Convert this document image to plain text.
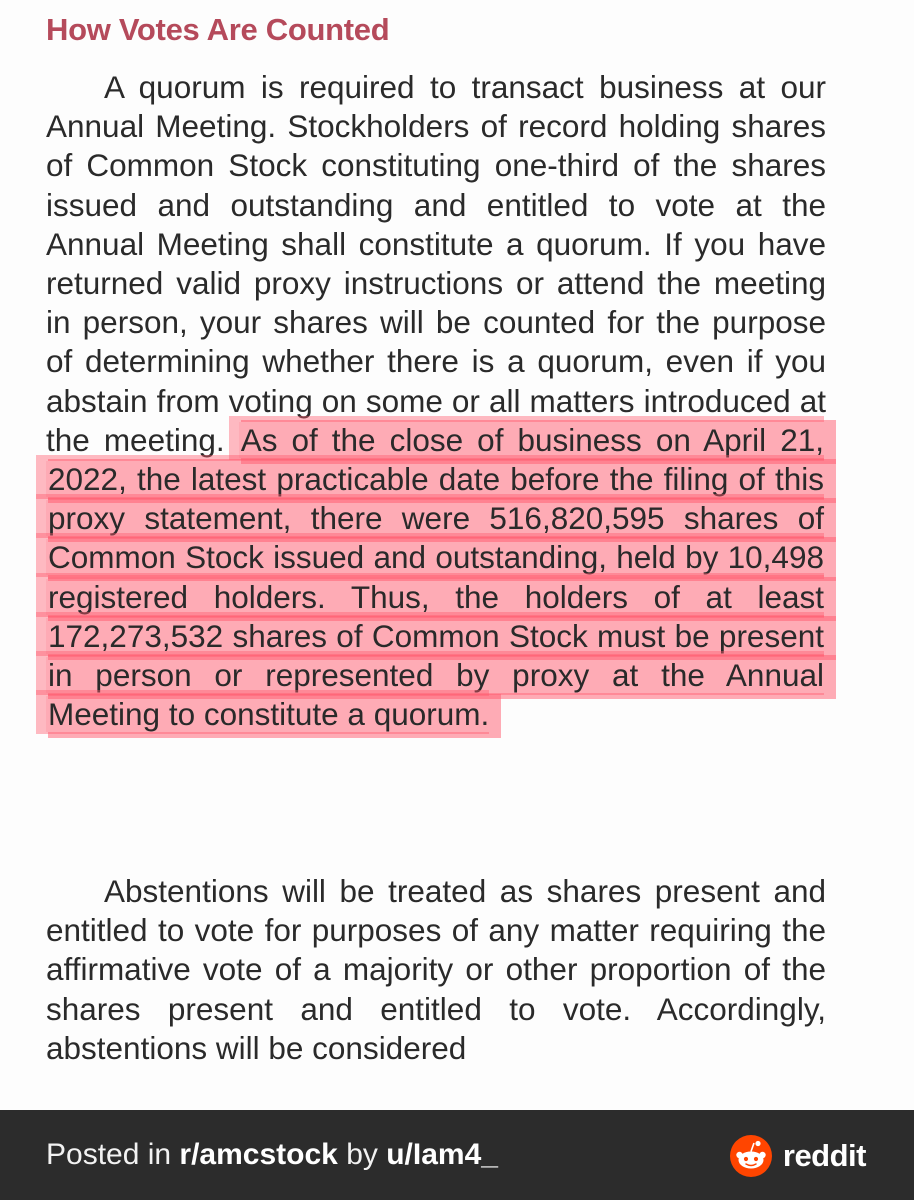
How Votes Are Counted

A quorum is required to transact business at our Annual Meeting. Stockholders of record holding shares of Common Stock constituting one-third of the shares issued and outstanding and entitled to vote at the Annual Meeting shall constitute a quorum. If you have returned valid proxy instructions or attend the meeting in person, your shares will be counted for the purpose of determining whether there is a quorum, even if you abstain from voting on some or all matters introduced at the meeting. As of the close of business on April 21, 2022, the latest practicable date before the filing of this proxy statement, there were 516,820,595 shares of Common Stock issued and outstanding, held by 10,498 registered holders. Thus, the holders of at least 172,273,532 shares of Common Stock must be present in person or represented by proxy at the Annual Meeting to constitute a quorum.

Abstentions will be treated as shares present and entitled to vote for purposes of any matter requiring the affirmative vote of a majority or other proportion of the shares present and entitled to vote. Accordingly, abstentions will be considered

Posted in r/amcstock by u/Iam4_	reddit
